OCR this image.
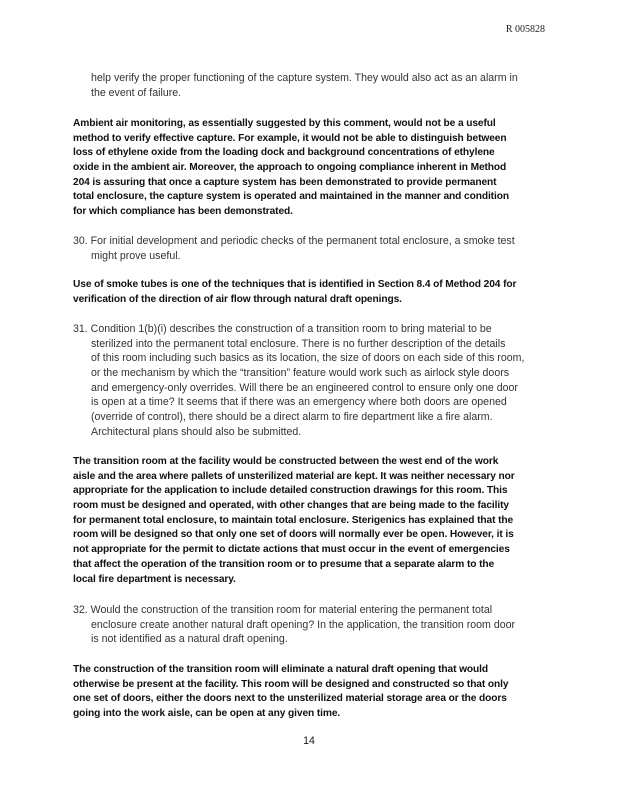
R 005828
help verify the proper functioning of the capture system. They would also act as an alarm in
the event of failure.
Ambient air monitoring, as essentially suggested by this comment, would not be a useful
method to verify effective capture. For example, it would not be able to distinguish between
loss of ethylene oxide from the loading dock and background concentrations of ethylene
oxide in the ambient air. Moreover, the approach to ongoing compliance inherent in Method
204 is assuring that once a capture system has been demonstrated to provide permanent
total enclosure, the capture system is operated and maintained in the manner and condition
for which compliance has been demonstrated.
30. For initial development and periodic checks of the permanent total enclosure, a smoke test
might prove useful.
Use of smoke tubes is one of the techniques that is identified in Section 8.4 of Method 204 for
verification of the direction of air flow through natural draft openings.
31. Condition 1(b)(i) describes the construction of a transition room to bring material to be
sterilized into the permanent total enclosure. There is no further description of the details
of this room including such basics as its location, the size of doors on each side of this room,
or the mechanism by which the “transition” feature would work such as airlock style doors
and emergency-only overrides. Will there be an engineered control to ensure only one door
is open at a time? It seems that if there was an emergency where both doors are opened
(override of control), there should be a direct alarm to fire department like a fire alarm.
Architectural plans should also be submitted.
The transition room at the facility would be constructed between the west end of the work
aisle and the area where pallets of unsterilized material are kept. It was neither necessary nor
appropriate for the application to include detailed construction drawings for this room. This
room must be designed and operated, with other changes that are being made to the facility
for permanent total enclosure, to maintain total enclosure. Sterigenics has explained that the
room will be designed so that only one set of doors will normally ever be open. However, it is
not appropriate for the permit to dictate actions that must occur in the event of emergencies
that affect the operation of the transition room or to presume that a separate alarm to the
local fire department is necessary.
32. Would the construction of the transition room for material entering the permanent total
enclosure create another natural draft opening? In the application, the transition room door
is not identified as a natural draft opening.
The construction of the transition room will eliminate a natural draft opening that would
otherwise be present at the facility. This room will be designed and constructed so that only
one set of doors, either the doors next to the unsterilized material storage area or the doors
going into the work aisle, can be open at any given time.
14
